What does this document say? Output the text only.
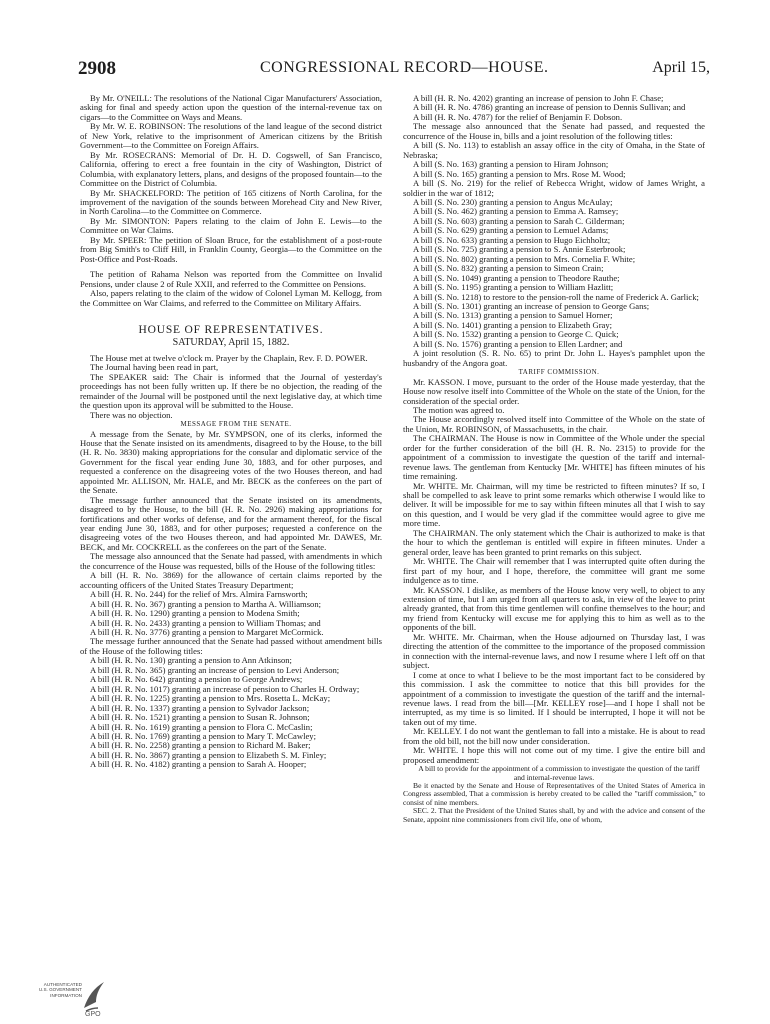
2908	CONGRESSIONAL RECORD—HOUSE.	April 15,

By Mr. O'NEILL: The resolutions of the National Cigar Manufacturers' Association, asking for final and speedy action upon the question of the internal-revenue tax on cigars—to the Committee on Ways and Means.

By Mr. W. E. ROBINSON: The resolutions of the land league of the second district of New York, relative to the imprisonment of American citizens by the British Government—to the Committee on Foreign Affairs.

By Mr. ROSECRANS: Memorial of Dr. H. D. Cogswell, of San Francisco, California, offering to erect a free fountain in the city of Washington, District of Columbia, with explanatory letters, plans, and designs of the proposed fountain—to the Committee on the District of Columbia.

By Mr. SHACKELFORD: The petition of 165 citizens of North Carolina, for the improvement of the navigation of the sounds between Morehead City and New River, in North Carolina—to the Committee on Commerce.

By Mr. SIMONTON: Papers relating to the claim of John E. Lewis—to the Committee on War Claims.

By Mr. SPEER: The petition of Sloan Bruce, for the establishment of a post-route from Big Smith's to Cliff Hill, in Franklin County, Georgia—to the Committee on the Post-Office and Post-Roads.

The petition of Rahama Nelson was reported from the Committee on Invalid Pensions, under clause 2 of Rule XXII, and referred to the Committee on Pensions.

Also, papers relating to the claim of the widow of Colonel Lyman M. Kellogg, from the Committee on War Claims, and referred to the Committee on Military Affairs.

HOUSE OF REPRESENTATIVES.

SATURDAY, April 15, 1882.

The House met at twelve o'clock m. Prayer by the Chaplain, Rev. F. D. POWER.

The Journal having been read in part,

The SPEAKER said: The Chair is informed that the Journal of yesterday's proceedings has not been fully written up. If there be no objection, the reading of the remainder of the Journal will be postponed until the next legislative day, at which time the question upon its approval will be submitted to the House.

There was no objection.

MESSAGE FROM THE SENATE.

A message from the Senate, by Mr. SYMPSON, one of its clerks, informed the House that the Senate insisted on its amendments, disagreed to by the House, to the bill (H. R. No. 3830) making appropriations for the consular and diplomatic service of the Government for the fiscal year ending June 30, 1883, and for other purposes, and requested a conference on the disagreeing votes of the two Houses thereon, and had appointed Mr. ALLISON, Mr. HALE, and Mr. BECK as the conferees on the part of the Senate.

The message further announced that the Senate insisted on its amendments, disagreed to by the House, to the bill (H. R. No. 2926) making appropriations for fortifications and other works of defense, and for the armament thereof, for the fiscal year ending June 30, 1883, and for other purposes; requested a conference on the disagreeing votes of the two Houses thereon, and had appointed Mr. DAWES, Mr. BECK, and Mr. COCKRELL as the conferees on the part of the Senate.

The message also announced that the Senate had passed, with amendments in which the concurrence of the House was requested, bills of the House of the following titles:

A bill (H. R. No. 3869) for the allowance of certain claims reported by the accounting officers of the United States Treasury Department;

A bill (H. R. No. 244) for the relief of Mrs. Almira Farnsworth;

A bill (H. R. No. 367) granting a pension to Martha A. Williamson;

A bill (H. R. No. 1290) granting a pension to Modena Smith;

A bill (H. R. No. 2433) granting a pension to William Thomas; and

A bill (H. R. No. 3776) granting a pension to Margaret McCormick.

The message further announced that the Senate had passed without amendment bills of the House of the following titles:

A bill (H. R. No. 130) granting a pension to Ann Atkinson;

A bill (H. R. No. 365) granting an increase of pension to Levi Anderson;

A bill (H. R. No. 642) granting a pension to George Andrews;

A bill (H. R. No. 1017) granting an increase of pension to Charles H. Ordway;

A bill (H. R. No. 1225) granting a pension to Mrs. Rosetta L. McKay;

A bill (H. R. No. 1337) granting a pension to Sylvador Jackson;

A bill (H. R. No. 1521) granting a pension to Susan R. Johnson;

A bill (H. R. No. 1619) granting a pension to Flora C. McCaslin;

A bill (H. R. No. 1769) granting a pension to Mary T. McCawley;

A bill (H. R. No. 2258) granting a pension to Richard M. Baker;

A bill (H. R. No. 3867) granting a pension to Elizabeth S. M. Finley;

A bill (H. R. No. 4182) granting a pension to Sarah A. Hooper;

A bill (H. R. No. 4202) granting an increase of pension to John F. Chase;

A bill (H. R. No. 4786) granting an increase of pension to Dennis Sullivan; and

A bill (H. R. No. 4787) for the relief of Benjamin F. Dobson.

The message also announced that the Senate had passed, and requested the concurrence of the House in, bills and a joint resolution of the following titles:

A bill (S. No. 113) to establish an assay office in the city of Omaha, in the State of Nebraska;

A bill (S. No. 163) granting a pension to Hiram Johnson;

A bill (S. No. 165) granting a pension to Mrs. Rose M. Wood;

A bill (S. No. 219) for the relief of Rebecca Wright, widow of James Wright, a soldier in the war of 1812;

A bill (S. No. 230) granting a pension to Angus McAulay;

A bill (S. No. 462) granting a pension to Emma A. Ramsey;

A bill (S. No. 603) granting a pension to Sarah C. Gilderman;

A bill (S. No. 629) granting a pension to Lemuel Adams;

A bill (S. No. 633) granting a pension to Hugo Eichholtz;

A bill (S. No. 725) granting a pension to S. Annie Esterbrook;

A bill (S. No. 802) granting a pension to Mrs. Cornelia F. White;

A bill (S. No. 832) granting a pension to Simeon Crain;

A bill (S. No. 1049) granting a pension to Theodore Rauthe;

A bill (S. No. 1195) granting a pension to William Hazlitt;

A bill (S. No. 1218) to restore to the pension-roll the name of Frederick A. Garlick;

A bill (S. No. 1301) granting an increase of pension to George Gans;

A bill (S. No. 1313) granting a pension to Samuel Horner;

A bill (S. No. 1401) granting a pension to Elizabeth Gray;

A bill (S. No. 1532) granting a pension to George C. Quick;

A bill (S. No. 1576) granting a pension to Ellen Lardner; and

A joint resolution (S. R. No. 65) to print Dr. John L. Hayes's pamphlet upon the husbandry of the Angora goat.

TARIFF COMMISSION.

Mr. KASSON. I move, pursuant to the order of the House made yesterday, that the House now resolve itself into Committee of the Whole on the state of the Union, for the consideration of the special order.

The motion was agreed to.

The House accordingly resolved itself into Committee of the Whole on the state of the Union, Mr. ROBINSON, of Massachusetts, in the chair.

The CHAIRMAN. The House is now in Committee of the Whole under the special order for the further consideration of the bill (H. R. No. 2315) to provide for the appointment of a commission to investigate the question of the tariff and internal-revenue laws. The gentleman from Kentucky [Mr. WHITE] has fifteen minutes of his time remaining.

Mr. WHITE. Mr. Chairman, will my time be restricted to fifteen minutes? If so, I shall be compelled to ask leave to print some remarks which otherwise I would like to deliver. It will be impossible for me to say within fifteen minutes all that I wish to say on this question, and I would be very glad if the committee would agree to give me more time.

The CHAIRMAN. The only statement which the Chair is authorized to make is that the hour to which the gentleman is entitled will expire in fifteen minutes. Under a general order, leave has been granted to print remarks on this subject.

Mr. WHITE. The Chair will remember that I was interrupted quite often during the first part of my hour, and I hope, therefore, the committee will grant me some indulgence as to time.

Mr. KASSON. I dislike, as members of the House know very well, to object to any extension of time, but I am urged from all quarters to ask, in view of the leave to print already granted, that from this time gentlemen will confine themselves to the hour; and my friend from Kentucky will excuse me for applying this to him as well as to the opponents of the bill.

Mr. WHITE. Mr. Chairman, when the House adjourned on Thursday last, I was directing the attention of the committee to the importance of the proposed commission in connection with the internal-revenue laws, and now I resume where I left off on that subject.

I come at once to what I believe to be the most important fact to be considered by this commission. I ask the committee to notice that this bill provides for the appointment of a commission to investigate the question of the tariff and the internal-revenue laws. I read from the bill—[Mr. KELLEY rose]—and I hope I shall not be interrupted, as my time is so limited. If I should be interrupted, I hope it will not be taken out of my time.

Mr. KELLEY. I do not want the gentleman to fall into a mistake. He is about to read from the old bill, not the bill now under consideration.

Mr. WHITE. I hope this will not come out of my time. I give the entire bill and proposed amendment:

A bill to provide for the appointment of a commission to investigate the question of the tariff and internal-revenue laws.

Be it enacted by the Senate and House of Representatives of the United States of America in Congress assembled, That a commission is hereby created to be called the "tariff commission," to consist of nine members.

SEC. 2. That the President of the United States shall, by and with the advice and consent of the Senate, appoint nine commissioners from civil life, one of whom,

AUTHENTICATED
U.S. GOVERNMENT
INFORMATION
GPO
